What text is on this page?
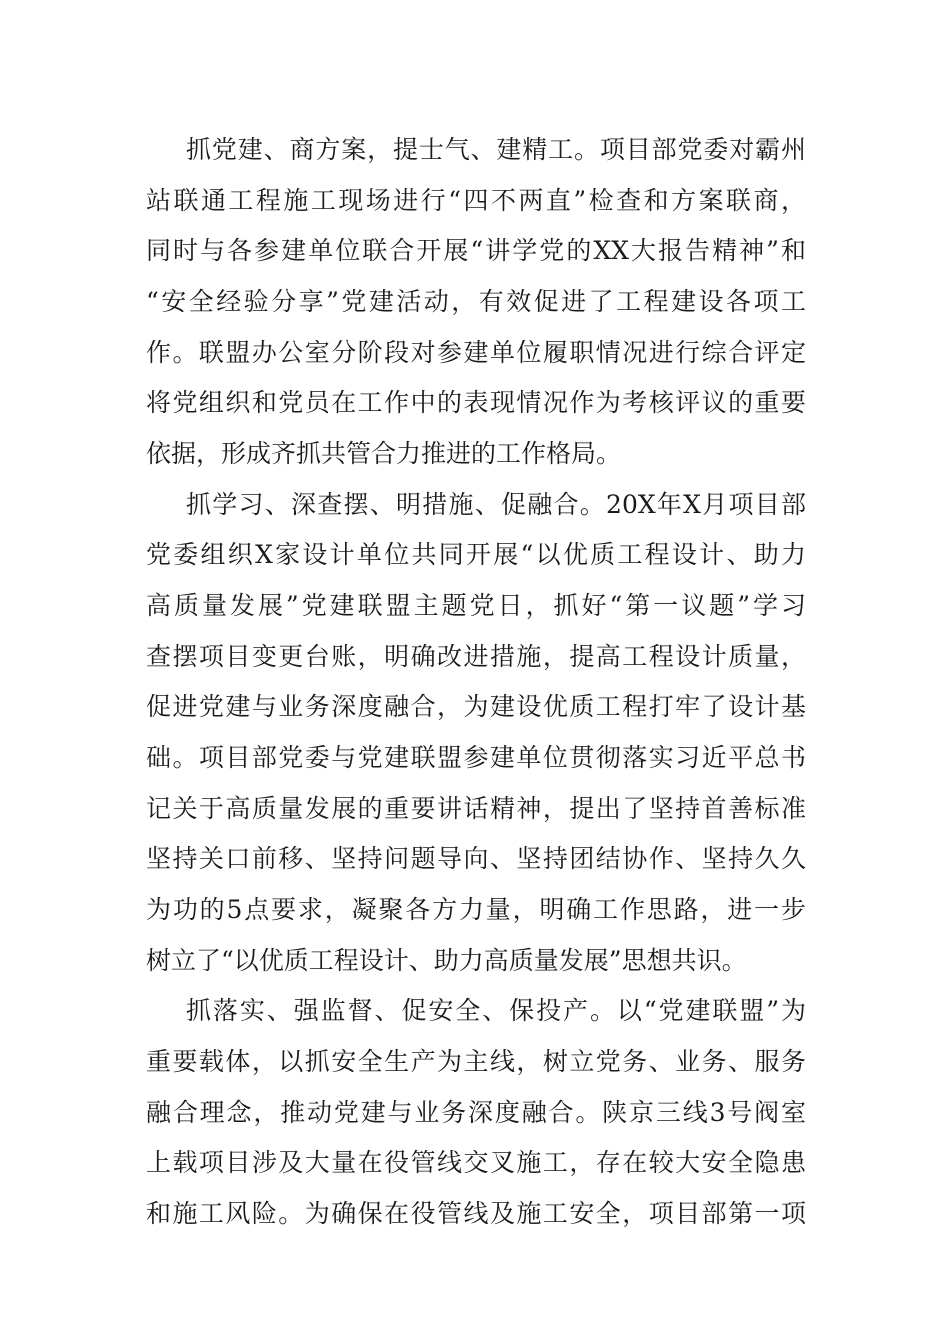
抓党建、商方案，提士气、建精工。项目部党委对霸州
站联通工程施工现场进行“四不两直”检查和方案联商，
同时与各参建单位联合开展“讲学党的XX大报告精神”和
“安全经验分享”党建活动，有效促进了工程建设各项工
作。联盟办公室分阶段对参建单位履职情况进行综合评定
将党组织和党员在工作中的表现情况作为考核评议的重要
依据，形成齐抓共管合力推进的工作格局。
抓学习、深查摆、明措施、促融合。20X年X月项目部
党委组织X家设计单位共同开展“以优质工程设计、助力
高质量发展”党建联盟主题党日，抓好“第一议题”学习
查摆项目变更台账，明确改进措施，提高工程设计质量，
促进党建与业务深度融合，为建设优质工程打牢了设计基
础。项目部党委与党建联盟参建单位贯彻落实习近平总书
记关于高质量发展的重要讲话精神，提出了坚持首善标准
坚持关口前移、坚持问题导向、坚持团结协作、坚持久久
为功的5点要求，凝聚各方力量，明确工作思路，进一步
树立了“以优质工程设计、助力高质量发展”思想共识。
抓落实、强监督、促安全、保投产。以“党建联盟”为
重要载体，以抓安全生产为主线，树立党务、业务、服务
融合理念，推动党建与业务深度融合。陕京三线3号阀室
上载项目涉及大量在役管线交叉施工，存在较大安全隐患
和施工风险。为确保在役管线及施工安全，项目部第一项
